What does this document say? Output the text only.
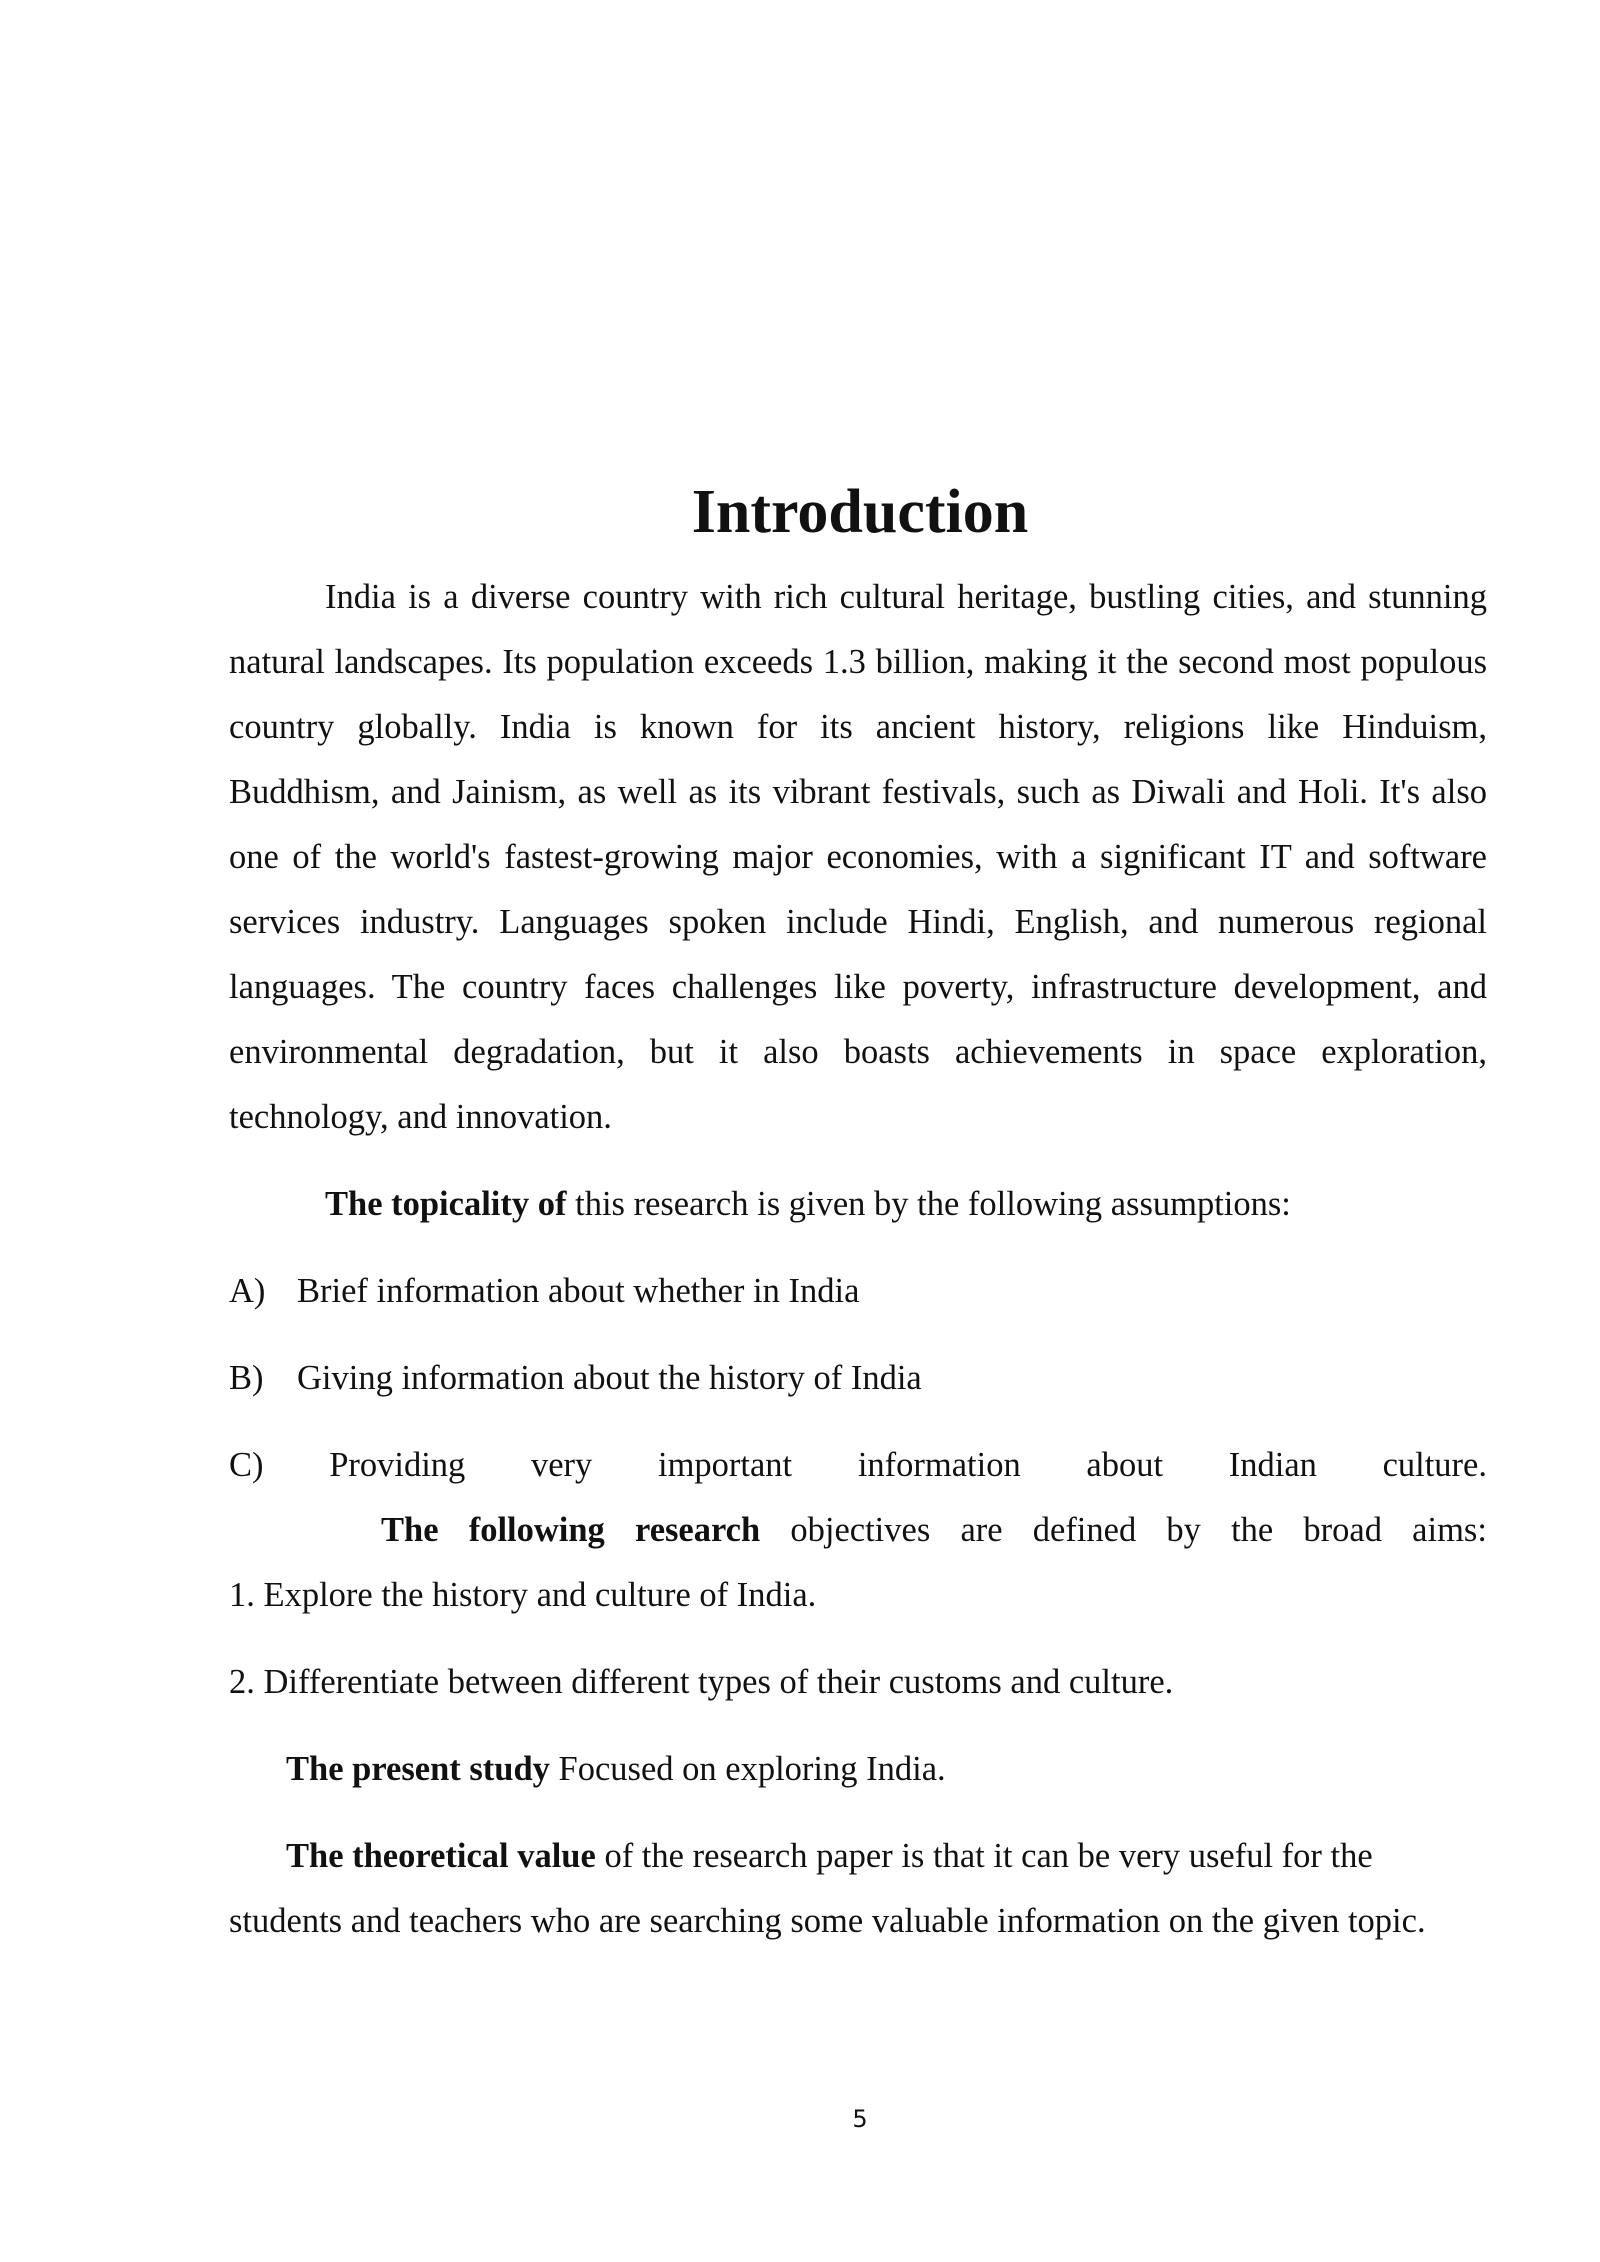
Introduction
India is a diverse country with rich cultural heritage, bustling cities, and stunning natural landscapes. Its population exceeds 1.3 billion, making it the second most populous country globally. India is known for its ancient history, religions like Hinduism, Buddhism, and Jainism, as well as its vibrant festivals, such as Diwali and Holi. It's also one of the world's fastest-growing major economies, with a significant IT and software services industry. Languages spoken include Hindi, English, and numerous regional languages. The country faces challenges like poverty, infrastructure development, and environmental degradation, but it also boasts achievements in space exploration, technology, and innovation.
The topicality of this research is given by the following assumptions:
A) Brief information about whether in India
B) Giving information about the history of India
C) Providing very important information about Indian culture.
The following research objectives are defined by the broad aims:
1. Explore the history and culture of India.
2. Differentiate between different types of their customs and culture.
The present study Focused on exploring India.
The theoretical value of the research paper is that it can be very useful for the students and teachers who are searching some valuable information on the given topic.
5
